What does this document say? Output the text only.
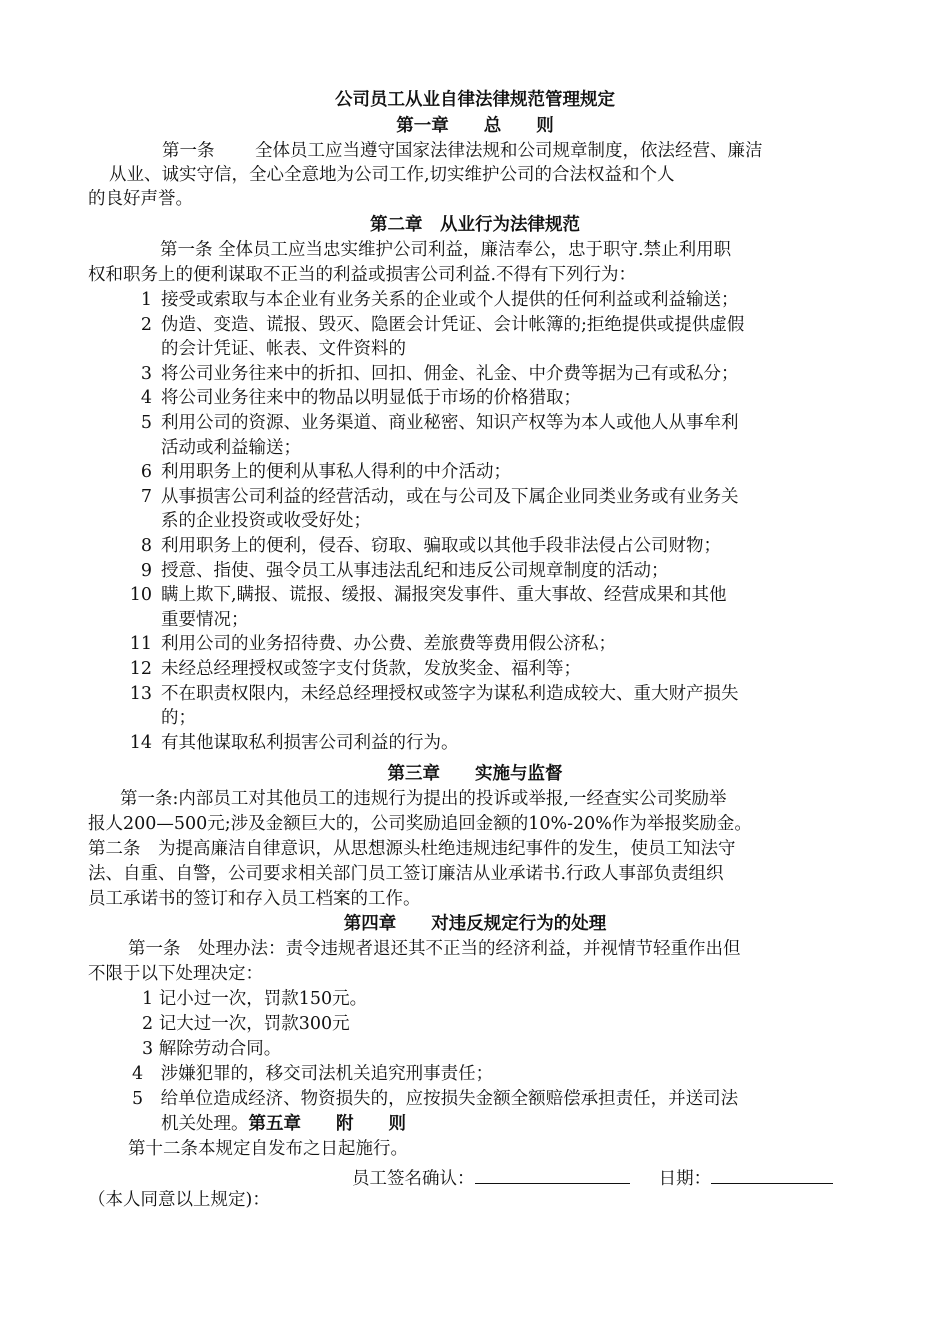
公司员工从业自律法律规范管理规定
第一章　　总　　则
第一条 全体员工应当遵守国家法律法规和公司规章制度，依法经营、廉洁
从业、诚实守信，全心全意地为公司工作,切实维护公司的合法权益和个人
的良好声誉。
第二章　从业行为法律规范
第一条 全体员工应当忠实维护公司利益，廉洁奉公，忠于职守.禁止利用职
权和职务上的便利谋取不正当的利益或损害公司利益.不得有下列行为：
1 接受或索取与本企业有业务关系的企业或个人提供的任何利益或利益输送；
2 伪造、变造、谎报、毁灭、隐匿会计凭证、会计帐簿的;拒绝提供或提供虚假
的会计凭证、帐表、文件资料的
3 将公司业务往来中的折扣、回扣、佣金、礼金、中介费等据为己有或私分；
4 将公司业务往来中的物品以明显低于市场的价格猎取；
5 利用公司的资源、业务渠道、商业秘密、知识产权等为本人或他人从事牟利
活动或利益输送；
6 利用职务上的便利从事私人得利的中介活动；
7 从事损害公司利益的经营活动，或在与公司及下属企业同类业务或有业务关
系的企业投资或收受好处；
8 利用职务上的便利，侵吞、窃取、骗取或以其他手段非法侵占公司财物；
9 授意、指使、强令员工从事违法乱纪和违反公司规章制度的活动；
10 瞒上欺下,瞒报、谎报、缓报、漏报突发事件、重大事故、经营成果和其他
重要情况；
11 利用公司的业务招待费、办公费、差旅费等费用假公济私；
12 未经总经理授权或签字支付货款，发放奖金、福利等；
13 不在职责权限内，未经总经理授权或签字为谋私利造成较大、重大财产损失
的；
14 有其他谋取私利损害公司利益的行为。
第三章　　实施与监督
第一条:内部员工对其他员工的违规行为提出的投诉或举报,一经查实公司奖励举
报人200—500元;涉及金额巨大的，公司奖励追回金额的10%-20%作为举报奖励金。
第二条　为提高廉洁自律意识，从思想源头杜绝违规违纪事件的发生，使员工知法守
法、自重、自警，公司要求相关部门员工签订廉洁从业承诺书.行政人事部负责组织
员工承诺书的签订和存入员工档案的工作。
第四章　　对违反规定行为的处理
第一条　处理办法：责令违规者退还其不正当的经济利益，并视情节轻重作出但
不限于以下处理决定：
1 记小过一次，罚款150元。
2 记大过一次，罚款300元
3 解除劳动合同。
4　 涉嫌犯罪的，移交司法机关追究刑事责任；
5　 给单位造成经济、物资损失的，应按损失金额全额赔偿承担责任，并送司法
机关处理。第五章　　附　　则
第十二条本规定自发布之日起施行。
员工签名确认：	日期：
（本人同意以上规定)：
